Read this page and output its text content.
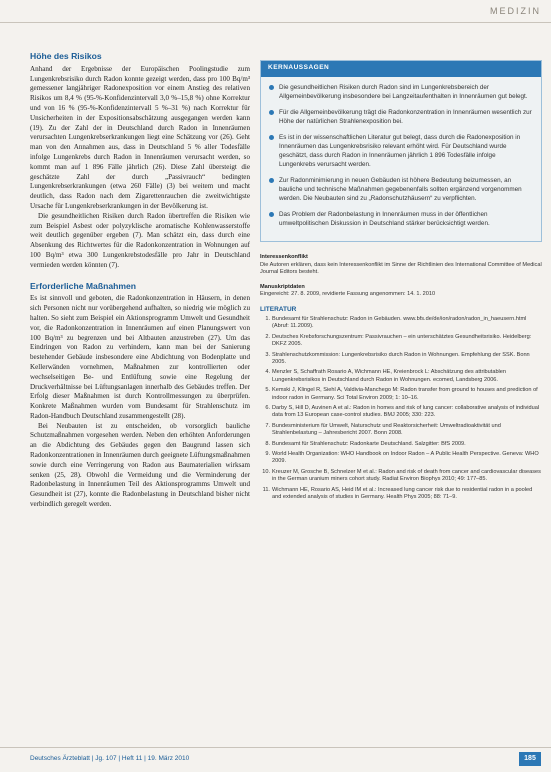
MEDIZIN
Höhe des Risikos

Anhand der Ergebnisse der Europäischen Poolingstudie zum Lungenkrebsrisiko durch Radon konnte gezeigt werden, dass pro 100 Bq/m³ gemessener langjähriger Radonexposition vor einem Anstieg des relativen Risikos um 8,4 % (95-%-Konfidenzintervall 3,0 %–15,8 %) ohne Korrektur und von 16 % (95-%-Konfidenzintervall 5 %–31 %) nach Korrektur für Unsicherheiten in der Expositionsabschätzung ausgegangen werden kann (19). Zu der Zahl der in Deutschland durch Radon in Innenräumen verursachten Lungenkrebserkrankungen liegt eine Schätzung vor (26). Geht man von den Annahmen aus, dass in Deutschland 5 % aller Todesfälle infolge Lungenkrebs durch Radon in Innenräumen verursacht werden, so kommt man auf 1 896 Fälle jährlich (26). Diese Zahl übersteigt die geschätzte Zahl der durch „Passivrauch“ bedingten Lungenkrebserkrankungen (etwa 260 Fälle) (3) bei weitem und macht deutlich, dass Radon nach dem Zigarettenrauchen die zweitwichtigste Ursache für Lungenkrebserkrankungen in der Bevölkerung ist.

Die gesundheitlichen Risiken durch Radon übertreffen die Risiken wie zum Beispiel Asbest oder polyzyklische aromatische Kohlenwasserstoffe weit deutlich gegenüber ergeben (7). Man schätzt ein, dass durch eine Absenkung des Richtwertes für die Radonkonzentration in Wohnungen auf 100 Bq/m³ etwa 300 Lungenkrebstodesfälle pro Jahr in Deutschland vermieden werden könnten (7).

Erforderliche Maßnahmen

Es ist sinnvoll und geboten, die Radonkonzentration in Häusern, in denen sich Personen nicht nur vorübergehend aufhalten, so niedrig wie möglich zu halten. So sieht zum Beispiel ein Aktionsprogramm Umwelt und Gesundheit vor, die Radonkonzentration in Innenräumen auf einen Planungswert von 100 Bq/m³ zu begrenzen und bei Altbauten anzustreben (27). Um das Eindringen von Radon zu verhindern, kann man bei der Sanierung bestehender Gebäude insbesondere eine Abdichtung von Bodenplatte und Kellerwänden vornehmen, Maßnahmen zur kontrollierten oder wechselseitigen Be- und Entlüftung sowie eine Regelung der Druckverhältnisse bei Lüftungsanlagen innerhalb des Gebäudes treffen. Der Erfolg dieser Maßnahmen ist durch Kontrollmessungen zu überprüfen. Konkrete Maßnahmen wurden vom Bundesamt für Strahlenschutz im Radon-Handbuch Deutschland zusammengestellt (28).

Bei Neubauten ist zu entscheiden, ob vorsorglich bauliche Schutzmaßnahmen vorgesehen werden. Neben den erhöhten Anforderungen an die Abdichtung des Gebäudes gegen den Baugrund lassen sich Radonkonzentrationen in Innenräumen durch geeignete Lüftungsmaßnahmen sowie durch eine Verringerung von Radon aus Baumaterialien wirksam senken (25, 28). Obwohl die Vermeidung und die Verminderung der Radonbelastung in Innenräumen Teil des Aktionsprogramms Umwelt und Gesundheit ist (27), konnte die Radonbelastung in Deutschland bisher nicht verbindlich geregelt werden.

KERNAUSSAGEN
Die gesundheitlichen Risiken durch Radon sind im Lungenkrebsbereich der Allgemeinbevölkerung insbesondere bei Langzeitaufenthalten in Innenräumen gut belegt.
Für die Allgemeinbevölkerung trägt die Radonkonzentration in Innenräumen wesentlich zur Höhe der natürlichen Strahlenexposition bei.
Es ist in der wissenschaftlichen Literatur gut belegt, dass durch die Radonexposition in Innenräumen das Lungenkrebsrisiko relevant erhöht wird. Für Deutschland wurde geschätzt, dass durch Radon in Innenräumen jährlich 1 896 Todesfälle infolge Lungenkrebs verursacht werden.
Zur Radonminimierung in neuen Gebäuden ist höhere Bedeutung beizumessen, an bauliche und technische Maßnahmen gegebenenfalls sollten ergänzend vorgenommen werden. Die Neubauten sind zu „Radonschutzhäusern“ zu verpflichten.
Das Problem der Radonbelastung in Innenräumen muss in der öffentlichen umweltpolitischen Diskussion in Deutschland stärker berücksichtigt werden.
Interessenkonflikt
Die Autoren erklären, dass kein Interessenkonflikt im Sinne der Richtlinien des International Committee of Medical Journal Editors besteht.
Manuskriptdaten
Eingereicht: 27. 8. 2009, revidierte Fassung angenommen: 14. 1. 2010
LITERATUR
1. Bundesamt für Strahlenschutz: Radon in Gebäuden. www.bfs.de/de/ion/radon/radon_in_haeusern.html (Abruf: 11.2009).
2. Deutsches Krebsforschungszentrum: Passivrauchen – ein unterschätztes Gesundheitsrisiko. Heidelberg: DKFZ 2005.
3. Strahlenschutzkommission: Lungenkrebsrisiko durch Radon in Wohnungen. Empfehlung der SSK. Bonn 2005.
4. Menzler S, Schaffrath Rosario A, Wichmann HE, Kreienbrock L: Abschätzung des attributablen Lungenkrebsrisikos in Deutschland durch Radon in Wohnungen. ecomed, Landsberg 2006.
5. Kemski J, Klingel R, Siehl A, Valdivia-Manchego M: Radon transfer from ground to houses and prediction of indoor radon in Germany. Sci Total Environ 2009; 1: 10–16.
6. Darby S, Hill D, Auvinen A et al.: Radon in homes and risk of lung cancer: collaborative analysis of individual data from 13 European case-control studies. BMJ 2005; 330: 223.
7. Bundesministerium für Umwelt, Naturschutz und Reaktorsicherheit: Umweltradioaktivität und Strahlenbelastung – Jahresbericht 2007. Bonn 2008.
8. Bundesamt für Strahlenschutz: Radonkarte Deutschland. Salzgitter: BfS 2009.
9. World Health Organization: WHO Handbook on Indoor Radon – A Public Health Perspective. Geneva: WHO 2009.
10. Kreuzer M, Grosche B, Schnelzer M et al.: Radon and risk of death from cancer and cardiovascular diseases in the German uranium miners cohort study. Radiat Environ Biophys 2010; 49: 177–85.
11. Wichmann HE, Rosario AS, Heid IM et al.: Increased lung cancer risk due to residential radon in a pooled and extended analysis of studies in Germany. Health Phys 2005; 88: 71–9.
Deutsches Ärzteblatt | Jg. 107 | Heft 11 | 19. März 2010	185
